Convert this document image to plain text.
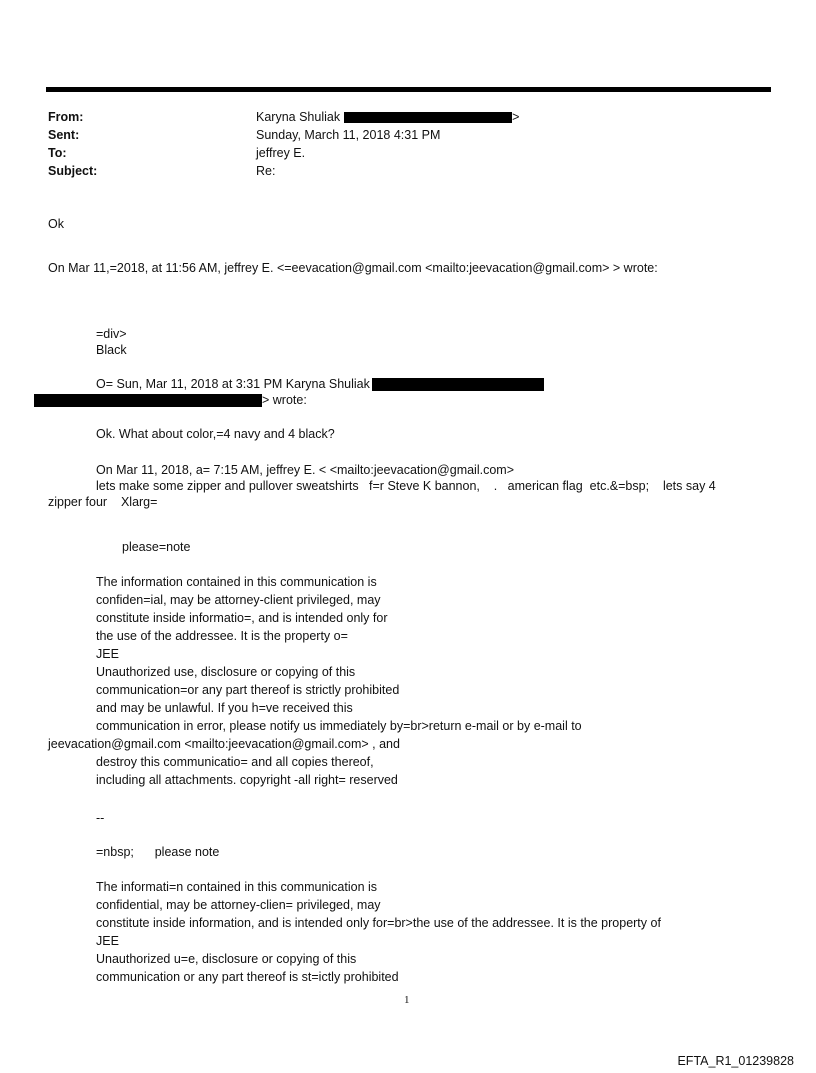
From:	Karyna Shuliak	>
Sent:	Sunday, March 11, 2018 4:31 PM
To:	jeffrey E.
Subject:	Re:
Ok
On Mar 11,=2018, at 11:56 AM, jeffrey E. <=eevacation@gmail.com <mailto:jeevacation@gmail.com> > wrote:
=div>
Black
O= Sun, Mar 11, 2018 at 3:31 PM Karyna Shuliak
> wrote:
Ok. What about color,=4 navy and 4 black?
On Mar 11, 2018, a= 7:15 AM, jeffrey E. < <mailto:jeevacation@gmail.com>
lets make some zipper and pullover sweatshirts   f=r Steve K bannon,    .   american flag  etc.&=bsp;    lets say 4
zipper four    Xlarg=
please=note
The information contained in this communication is
confiden=ial, may be attorney-client privileged, may
constitute inside informatio=, and is intended only for
the use of the addressee. It is the property o=
JEE
Unauthorized use, disclosure or copying of this
communication=or any part thereof is strictly prohibited
and may be unlawful. If you h=ve received this
communication in error, please notify us immediately by=br>return e-mail or by e-mail to
jeevacation@gmail.com <mailto:jeevacation@gmail.com> , and
destroy this communicatio= and all copies thereof,
including all attachments. copyright -all right= reserved
--
=nbsp;      please note
The informati=n contained in this communication is
confidential, may be attorney-clien= privileged, may
constitute inside information, and is intended only for=br>the use of the addressee. It is the property of
JEE
Unauthorized u=e, disclosure or copying of this
communication or any part thereof is st=ictly prohibited
1
EFTA_R1_01239828
